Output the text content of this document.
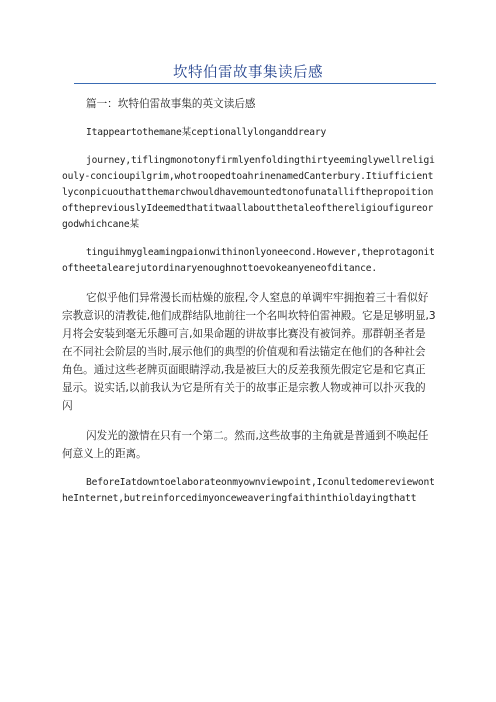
坎特伯雷故事集读后感

篇一：坎特伯雷故事集的英文读后感

Itappeartothemane某ceptionallylonganddreary

journey,tiflingmonotonyfirmlyenfoldingthirtyeeminglywellreligiouly-concioupilgrim,whotroopedtoahrinenamedCanterbury.ItiufficientlyconpicuouthatthemarchwouldhavemountedtonofunatallifthepropoitionofthepreviouslyIdeemedthatitwaallaboutthetaleofthereligioufigureorgodwhichcane某

tinguihmygleamingpaionwithinonlyoneecond.However,theprotagonitoftheetalearejutordinaryenoughnottoevokeanyeneofditance.

它似乎他们异常漫长而枯燥的旅程,令人窒息的单调牢牢拥抱着三十看似好宗教意识的清教徒,他们成群结队地前往一个名叫坎特伯雷神殿。它是足够明显,3月将会安装到毫无乐趣可言,如果命题的讲故事比赛没有被饲养。那群朝圣者是在不同社会阶层的当时,展示他们的典型的价值观和看法锚定在他们的各种社会角色。通过这些老牌页面眼睛浮动,我是被巨大的反差我预先假定它是和它真正显示。说实话,以前我认为它是所有关于的故事正是宗教人物或神可以扑灭我的闪

闪发光的激情在只有一个第二。然而,这些故事的主角就是普通到不唤起任何意义上的距离。

BeforeIatdowntoelaborateonmyownviewpoint,IconultedomereviewontheInternet,butreinforcedimyonceweaveringfaithinthioldayingthatt
